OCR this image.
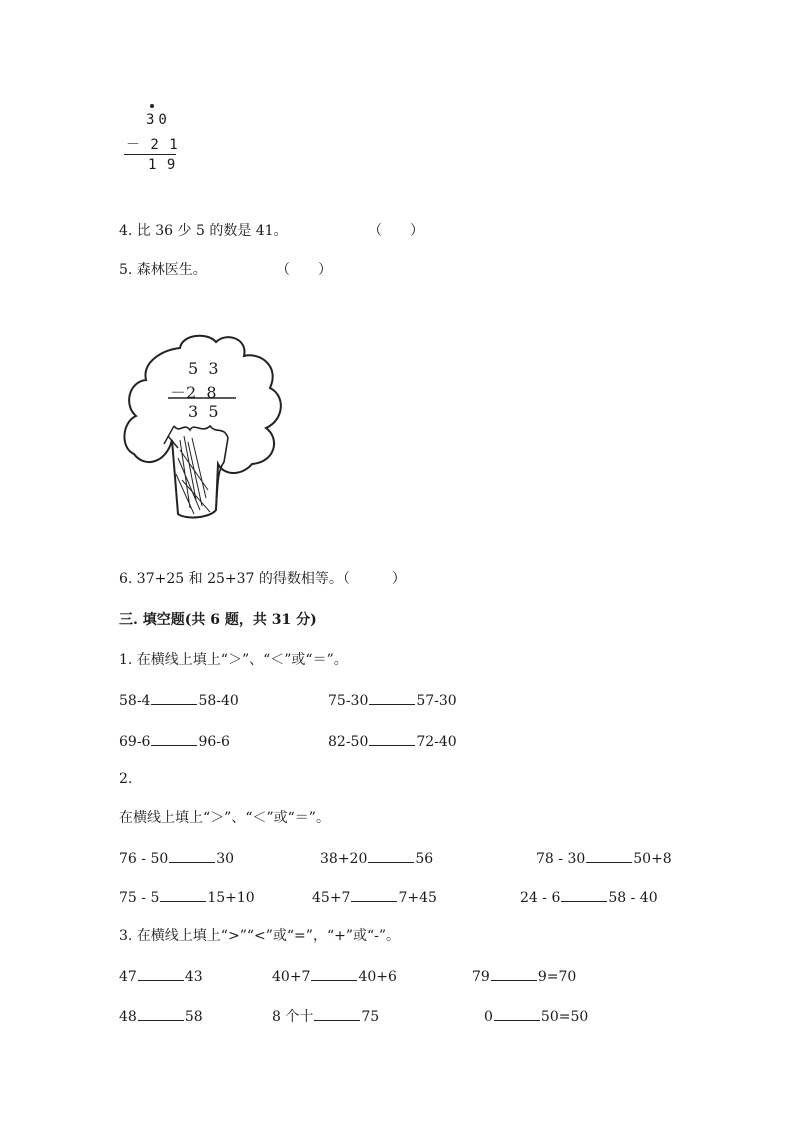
30
－ 2 1
1 9
4. 比 36 少 5 的数是 41。	（　　）
5. 森林医生。	（　　）
5  3
－2  8
3  5
6. 37+25 和 25+37 的得数相等。（　　　）
三. 填空题(共 6 题，共 31 分)
1. 在横线上填上“＞”、“＜”或“＝”。
58-4	58-40	75-30	57-30
69-6	96-6	82-50	72-40
2.
在横线上填上“＞”、“＜”或“＝”。
76 - 50	30	38+20	56	78 - 30	50+8
75 - 5	15+10	45+7	7+45	24 - 6	58 - 40
3. 在横线上填上“>”“<”或“=”，“+”或“-”。
47	43	40+7	40+6	79	9=70
48	58	8 个十	75	0	50=50
